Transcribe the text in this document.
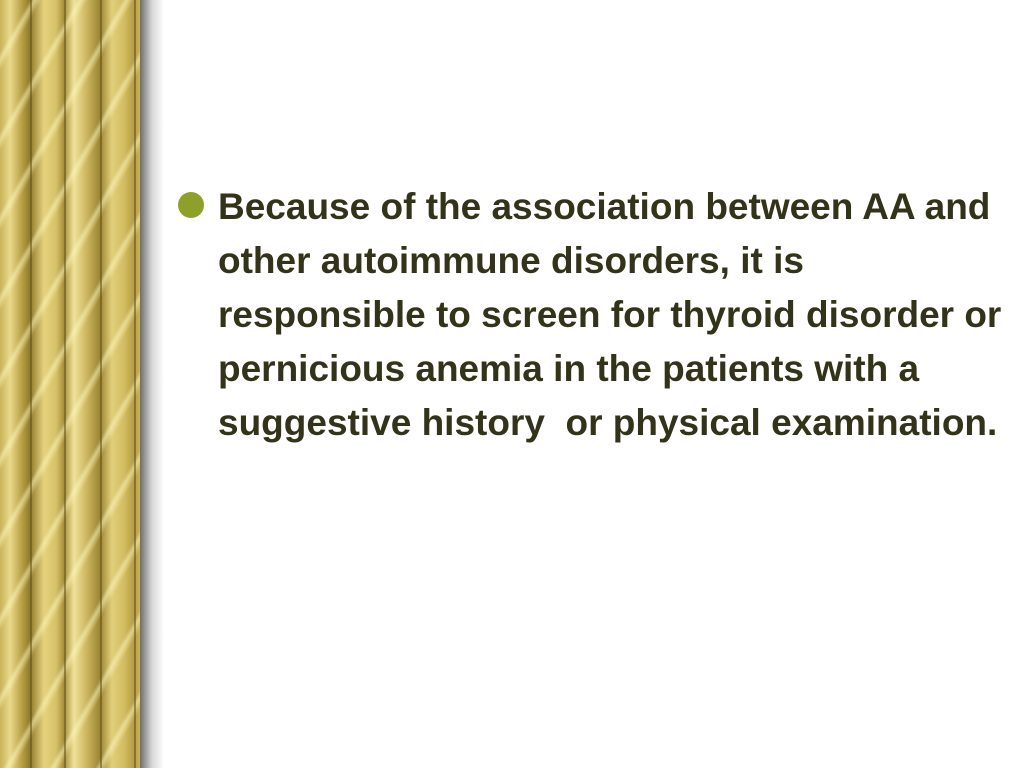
Because of the association between AA and other autoimmune disorders, it is responsible to screen for thyroid disorder or pernicious anemia in the patients with a suggestive history  or physical examination.
